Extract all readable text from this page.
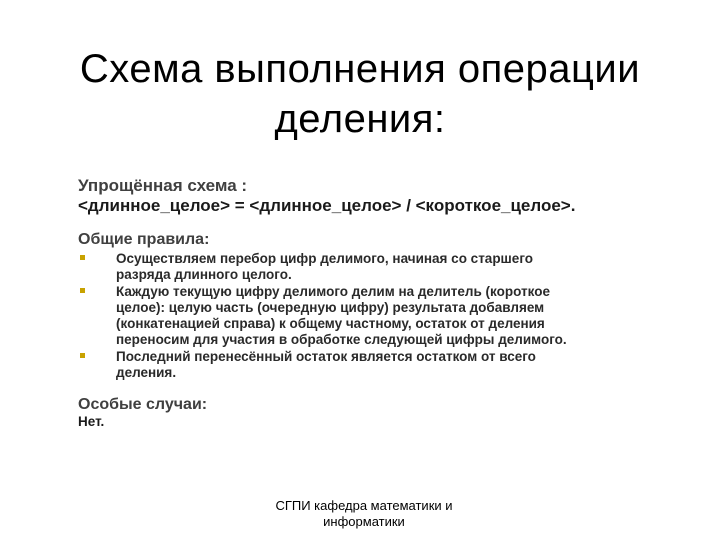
Схема выполнения операции
деления:
Упрощённая схема :
<длинное_целое> = <длинное_целое> / <короткое_целое>.
Общие правила:
Осуществляем перебор цифр делимого, начиная со старшего
разряда длинного целого.
Каждую текущую цифру делимого делим на делитель (короткое
целое): целую часть (очередную цифру) результата добавляем
(конкатенацией справа) к общему частному, остаток от деления
переносим для участия в обработке следующей цифры делимого.
Последний перенесённый остаток является остатком от всего
деления.
Особые случаи:
Нет.
СГПИ кафедра математики и
информатики
